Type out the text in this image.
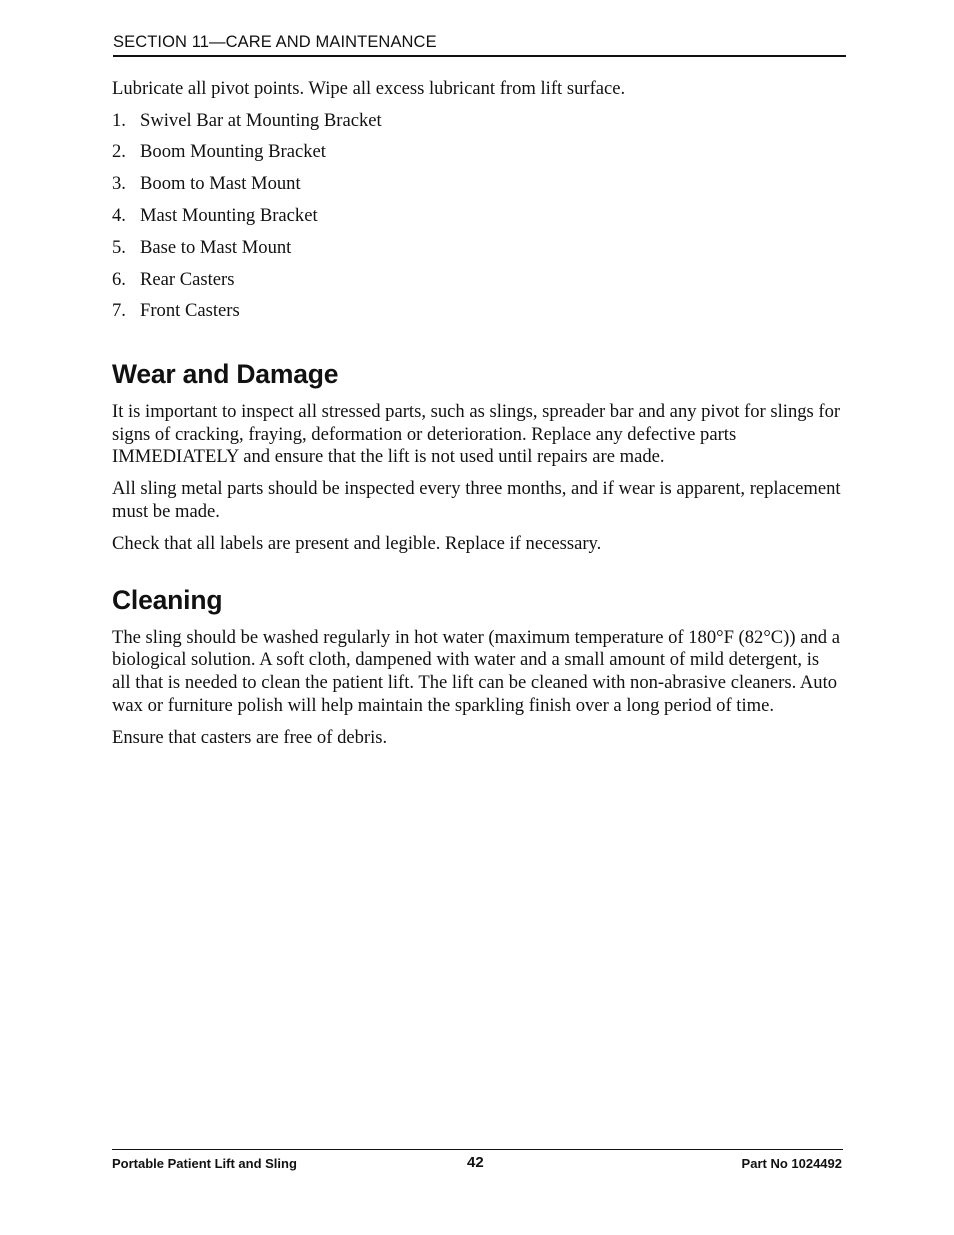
SECTION 11—CARE AND MAINTENANCE

Lubricate all pivot points. Wipe all excess lubricant from lift surface.

1. Swivel Bar at Mounting Bracket
2. Boom Mounting Bracket
3. Boom to Mast Mount
4. Mast Mounting Bracket
5. Base to Mast Mount
6. Rear Casters
7. Front Casters
Wear and Damage

It is important to inspect all stressed parts, such as slings, spreader bar and any pivot for slings for signs of cracking, fraying, deformation or deterioration. Replace any defective parts IMMEDIATELY and ensure that the lift is not used until repairs are made.

All sling metal parts should be inspected every three months, and if wear is apparent, replacement must be made.

Check that all labels are present and legible. Replace if necessary.

Cleaning

The sling should be washed regularly in hot water (maximum temperature of 180°F (82°C)) and a biological solution. A soft cloth, dampened with water and a small amount of mild detergent, is all that is needed to clean the patient lift. The lift can be cleaned with non-abrasive cleaners. Auto wax or furniture polish will help maintain the sparkling finish over a long period of time.

Ensure that casters are free of debris.

Portable Patient Lift and Sling	42	Part No 1024492
